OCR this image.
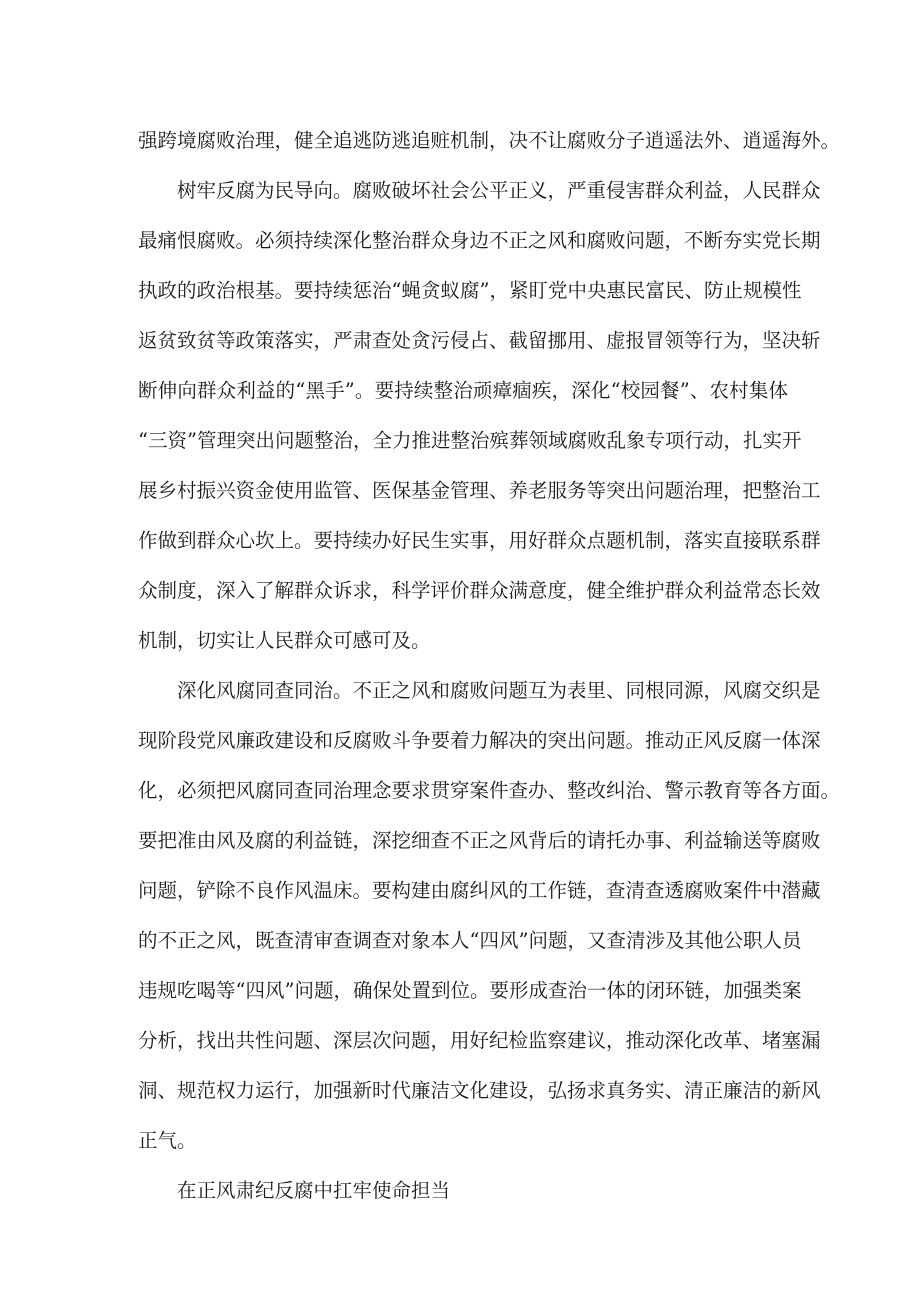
强跨境腐败治理，健全追逃防逃追赃机制，决不让腐败分子逍遥法外、逍遥海外。
树牢反腐为民导向。腐败破坏社会公平正义，严重侵害群众利益，人民群众
最痛恨腐败。必须持续深化整治群众身边不正之风和腐败问题，不断夯实党长期
执政的政治根基。要持续惩治“蝇贪蚁腐”，紧盯党中央惠民富民、防止规模性
返贫致贫等政策落实，严肃查处贪污侵占、截留挪用、虚报冒领等行为，坚决斩
断伸向群众利益的“黑手”。要持续整治顽瘴痼疾，深化“校园餐”、农村集体
“三资”管理突出问题整治，全力推进整治殡葬领域腐败乱象专项行动，扎实开
展乡村振兴资金使用监管、医保基金管理、养老服务等突出问题治理，把整治工
作做到群众心坎上。要持续办好民生实事，用好群众点题机制，落实直接联系群
众制度，深入了解群众诉求，科学评价群众满意度，健全维护群众利益常态长效
机制，切实让人民群众可感可及。
深化风腐同查同治。不正之风和腐败问题互为表里、同根同源，风腐交织是
现阶段党风廉政建设和反腐败斗争要着力解决的突出问题。推动正风反腐一体深
化，必须把风腐同查同治理念要求贯穿案件查办、整改纠治、警示教育等各方面。
要把准由风及腐的利益链，深挖细查不正之风背后的请托办事、利益输送等腐败
问题，铲除不良作风温床。要构建由腐纠风的工作链，查清查透腐败案件中潜藏
的不正之风，既查清审查调查对象本人“四风”问题，又查清涉及其他公职人员
违规吃喝等“四风”问题，确保处置到位。要形成查治一体的闭环链，加强类案
分析，找出共性问题、深层次问题，用好纪检监察建议，推动深化改革、堵塞漏
洞、规范权力运行，加强新时代廉洁文化建设，弘扬求真务实、清正廉洁的新风
正气。
在正风肃纪反腐中扛牢使命担当
